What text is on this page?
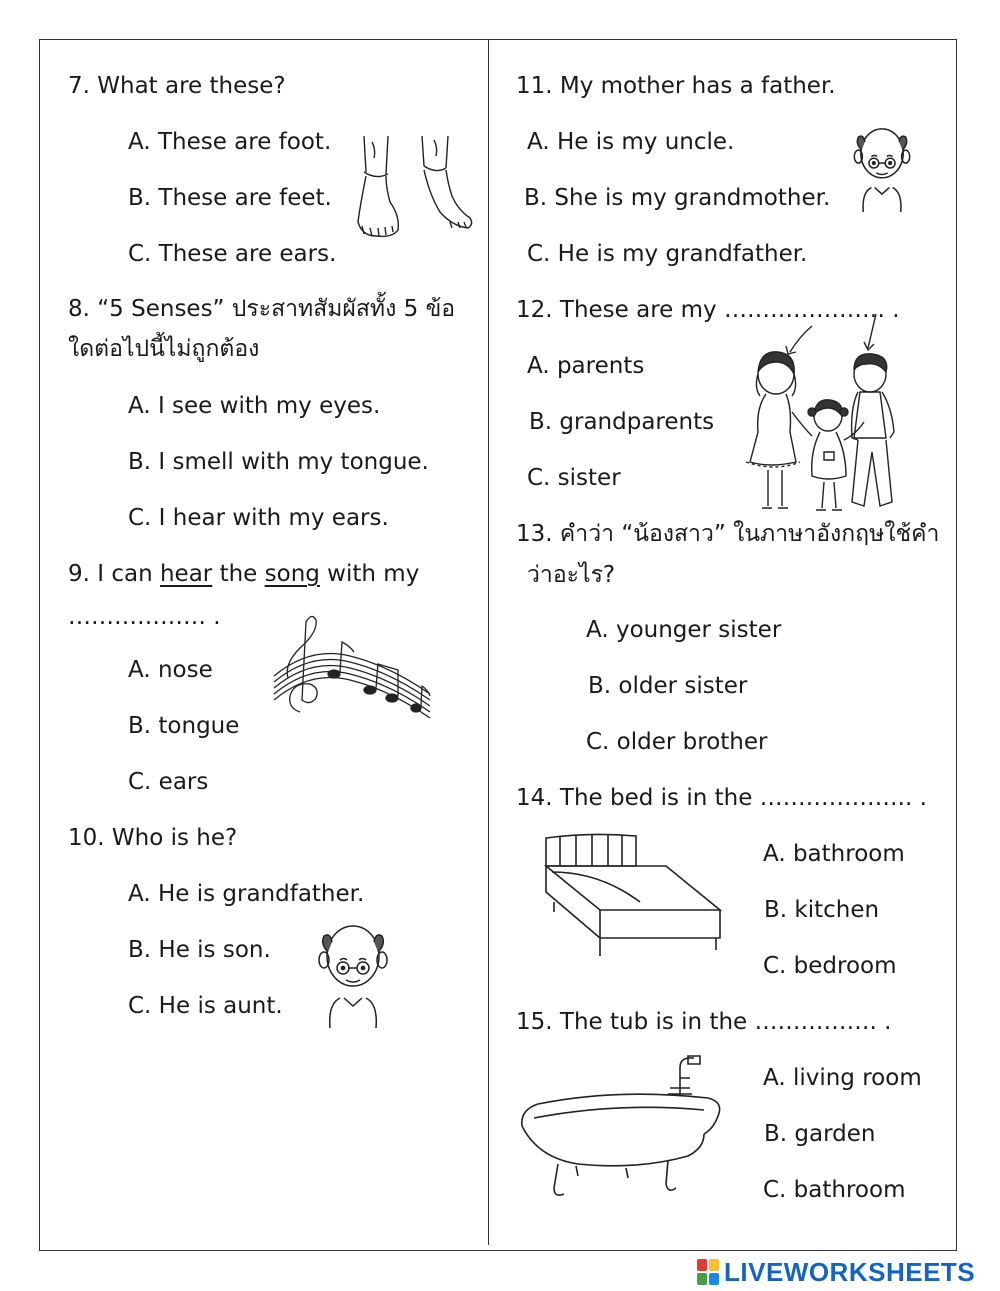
7. What are these?
A. These are foot.
B. These are feet.
C. These are ears.
8. “5 Senses” ประสาทสัมผัสทั้ง 5 ข้อ
ใดต่อไปนี้ไม่ถูกต้อง
A. I see with my eyes.
B. I smell with my tongue.
C. I hear with my ears.
9. I can hear the song with my
……………… .
A. nose
B. tongue
C. ears
10. Who is he?
A. He is grandfather.
B. He is son.
C. He is aunt.
11. My mother has a father.
A. He is my uncle.
B. She is my grandmother.
C. He is my grandfather.
12. These are my ………………… .
A. parents
B. grandparents
C. sister
13. คำว่า “น้องสาว” ในภาษาอังกฤษใช้คำ
ว่าอะไร?
A. younger sister
B. older sister
C. older brother
14. The bed is in the ……………….. .
A. bathroom
B. kitchen
C. bedroom
15. The tub is in the ……………. .
A. living room
B. garden
C. bathroom
LIVEWORKSHEETS
